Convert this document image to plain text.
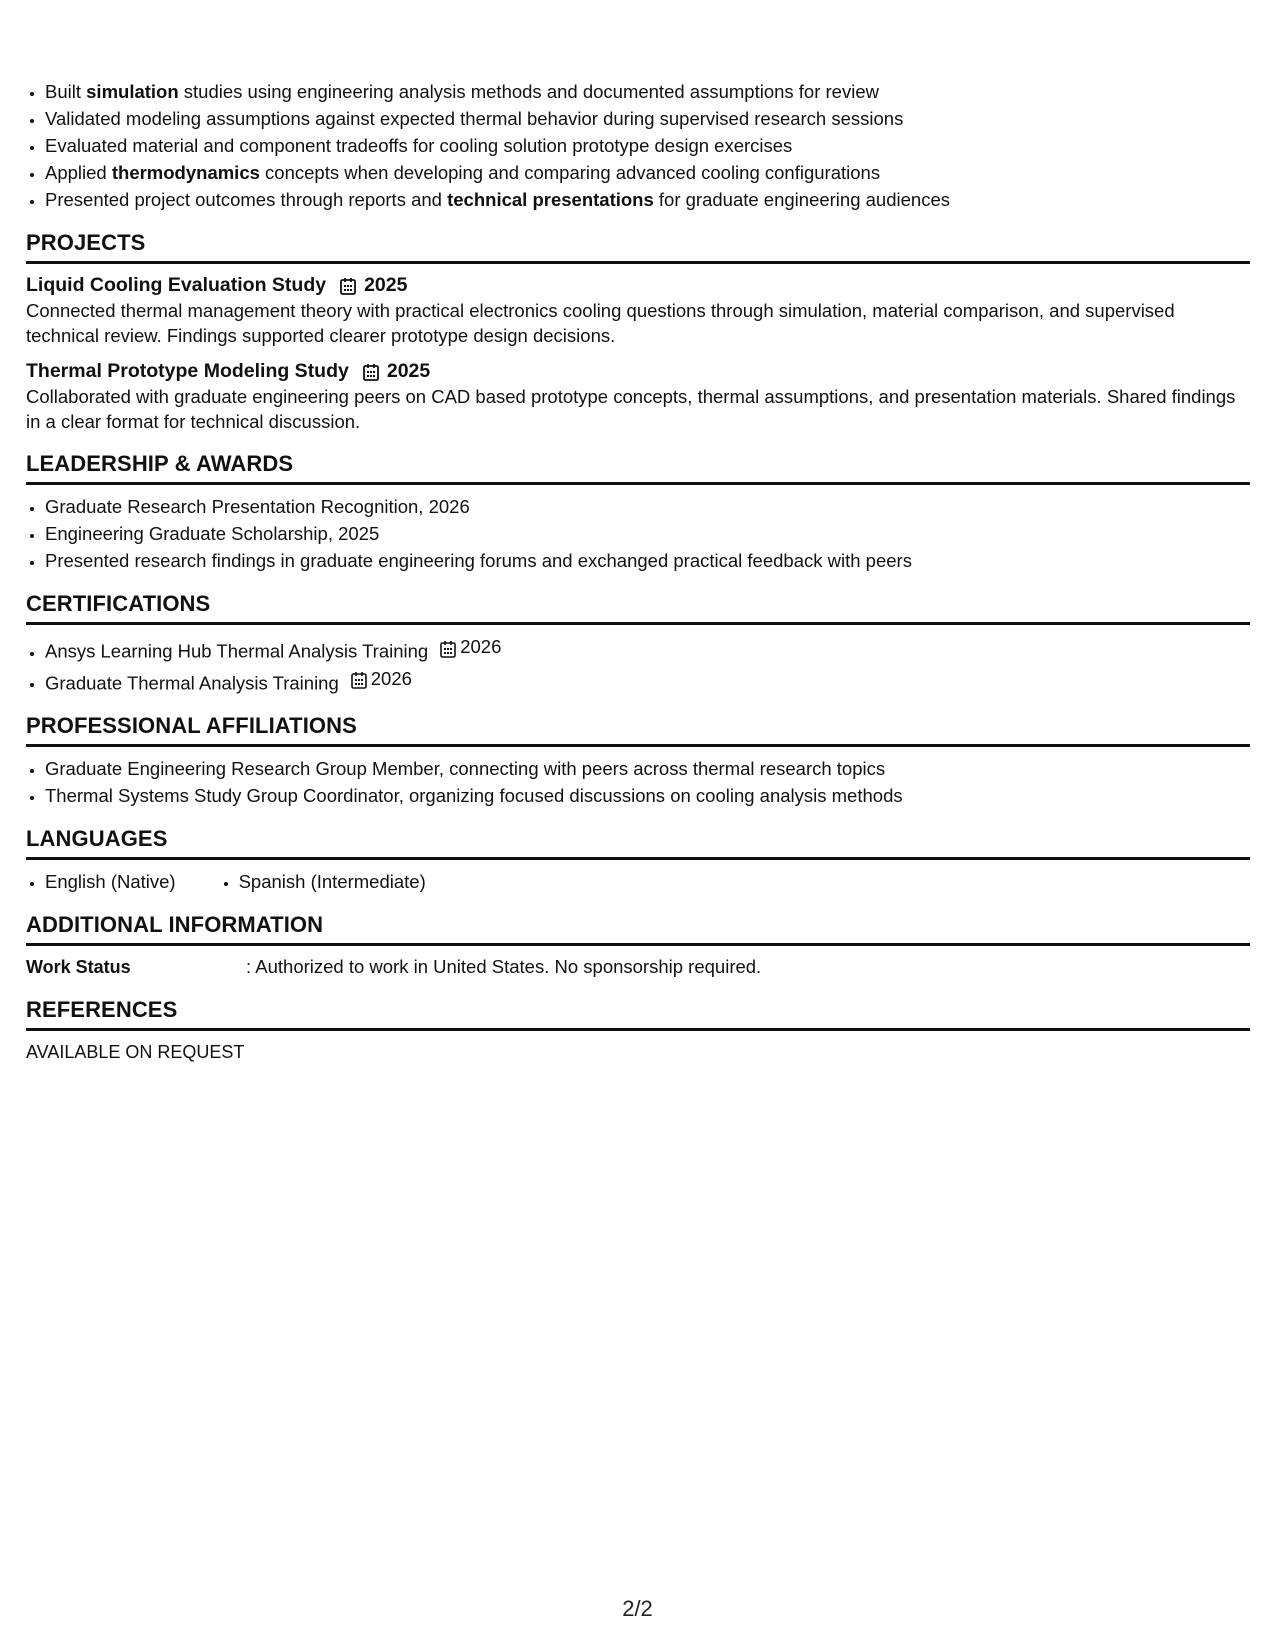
• Built simulation studies using engineering analysis methods and documented assumptions for review
• Validated modeling assumptions against expected thermal behavior during supervised research sessions
• Evaluated material and component tradeoffs for cooling solution prototype design exercises
• Applied thermodynamics concepts when developing and comparing advanced cooling configurations
• Presented project outcomes through reports and technical presentations for graduate engineering audiences
PROJECTS
Liquid Cooling Evaluation Study 2025
Connected thermal management theory with practical electronics cooling questions through simulation, material comparison, and supervised technical review. Findings supported clearer prototype design decisions.
Thermal Prototype Modeling Study 2025
Collaborated with graduate engineering peers on CAD based prototype concepts, thermal assumptions, and presentation materials. Shared findings in a clear format for technical discussion.
LEADERSHIP & AWARDS
• Graduate Research Presentation Recognition, 2026
• Engineering Graduate Scholarship, 2025
• Presented research findings in graduate engineering forums and exchanged practical feedback with peers
CERTIFICATIONS
• Ansys Learning Hub Thermal Analysis Training 2026
• Graduate Thermal Analysis Training 2026
PROFESSIONAL AFFILIATIONS
• Graduate Engineering Research Group Member, connecting with peers across thermal research topics
• Thermal Systems Study Group Coordinator, organizing focused discussions on cooling analysis methods
LANGUAGES
• English (Native)
•	Spanish (Intermediate)
ADDITIONAL INFORMATION
Work Status	: Authorized to work in United States. No sponsorship required.
REFERENCES
AVAILABLE ON REQUEST
2/2
